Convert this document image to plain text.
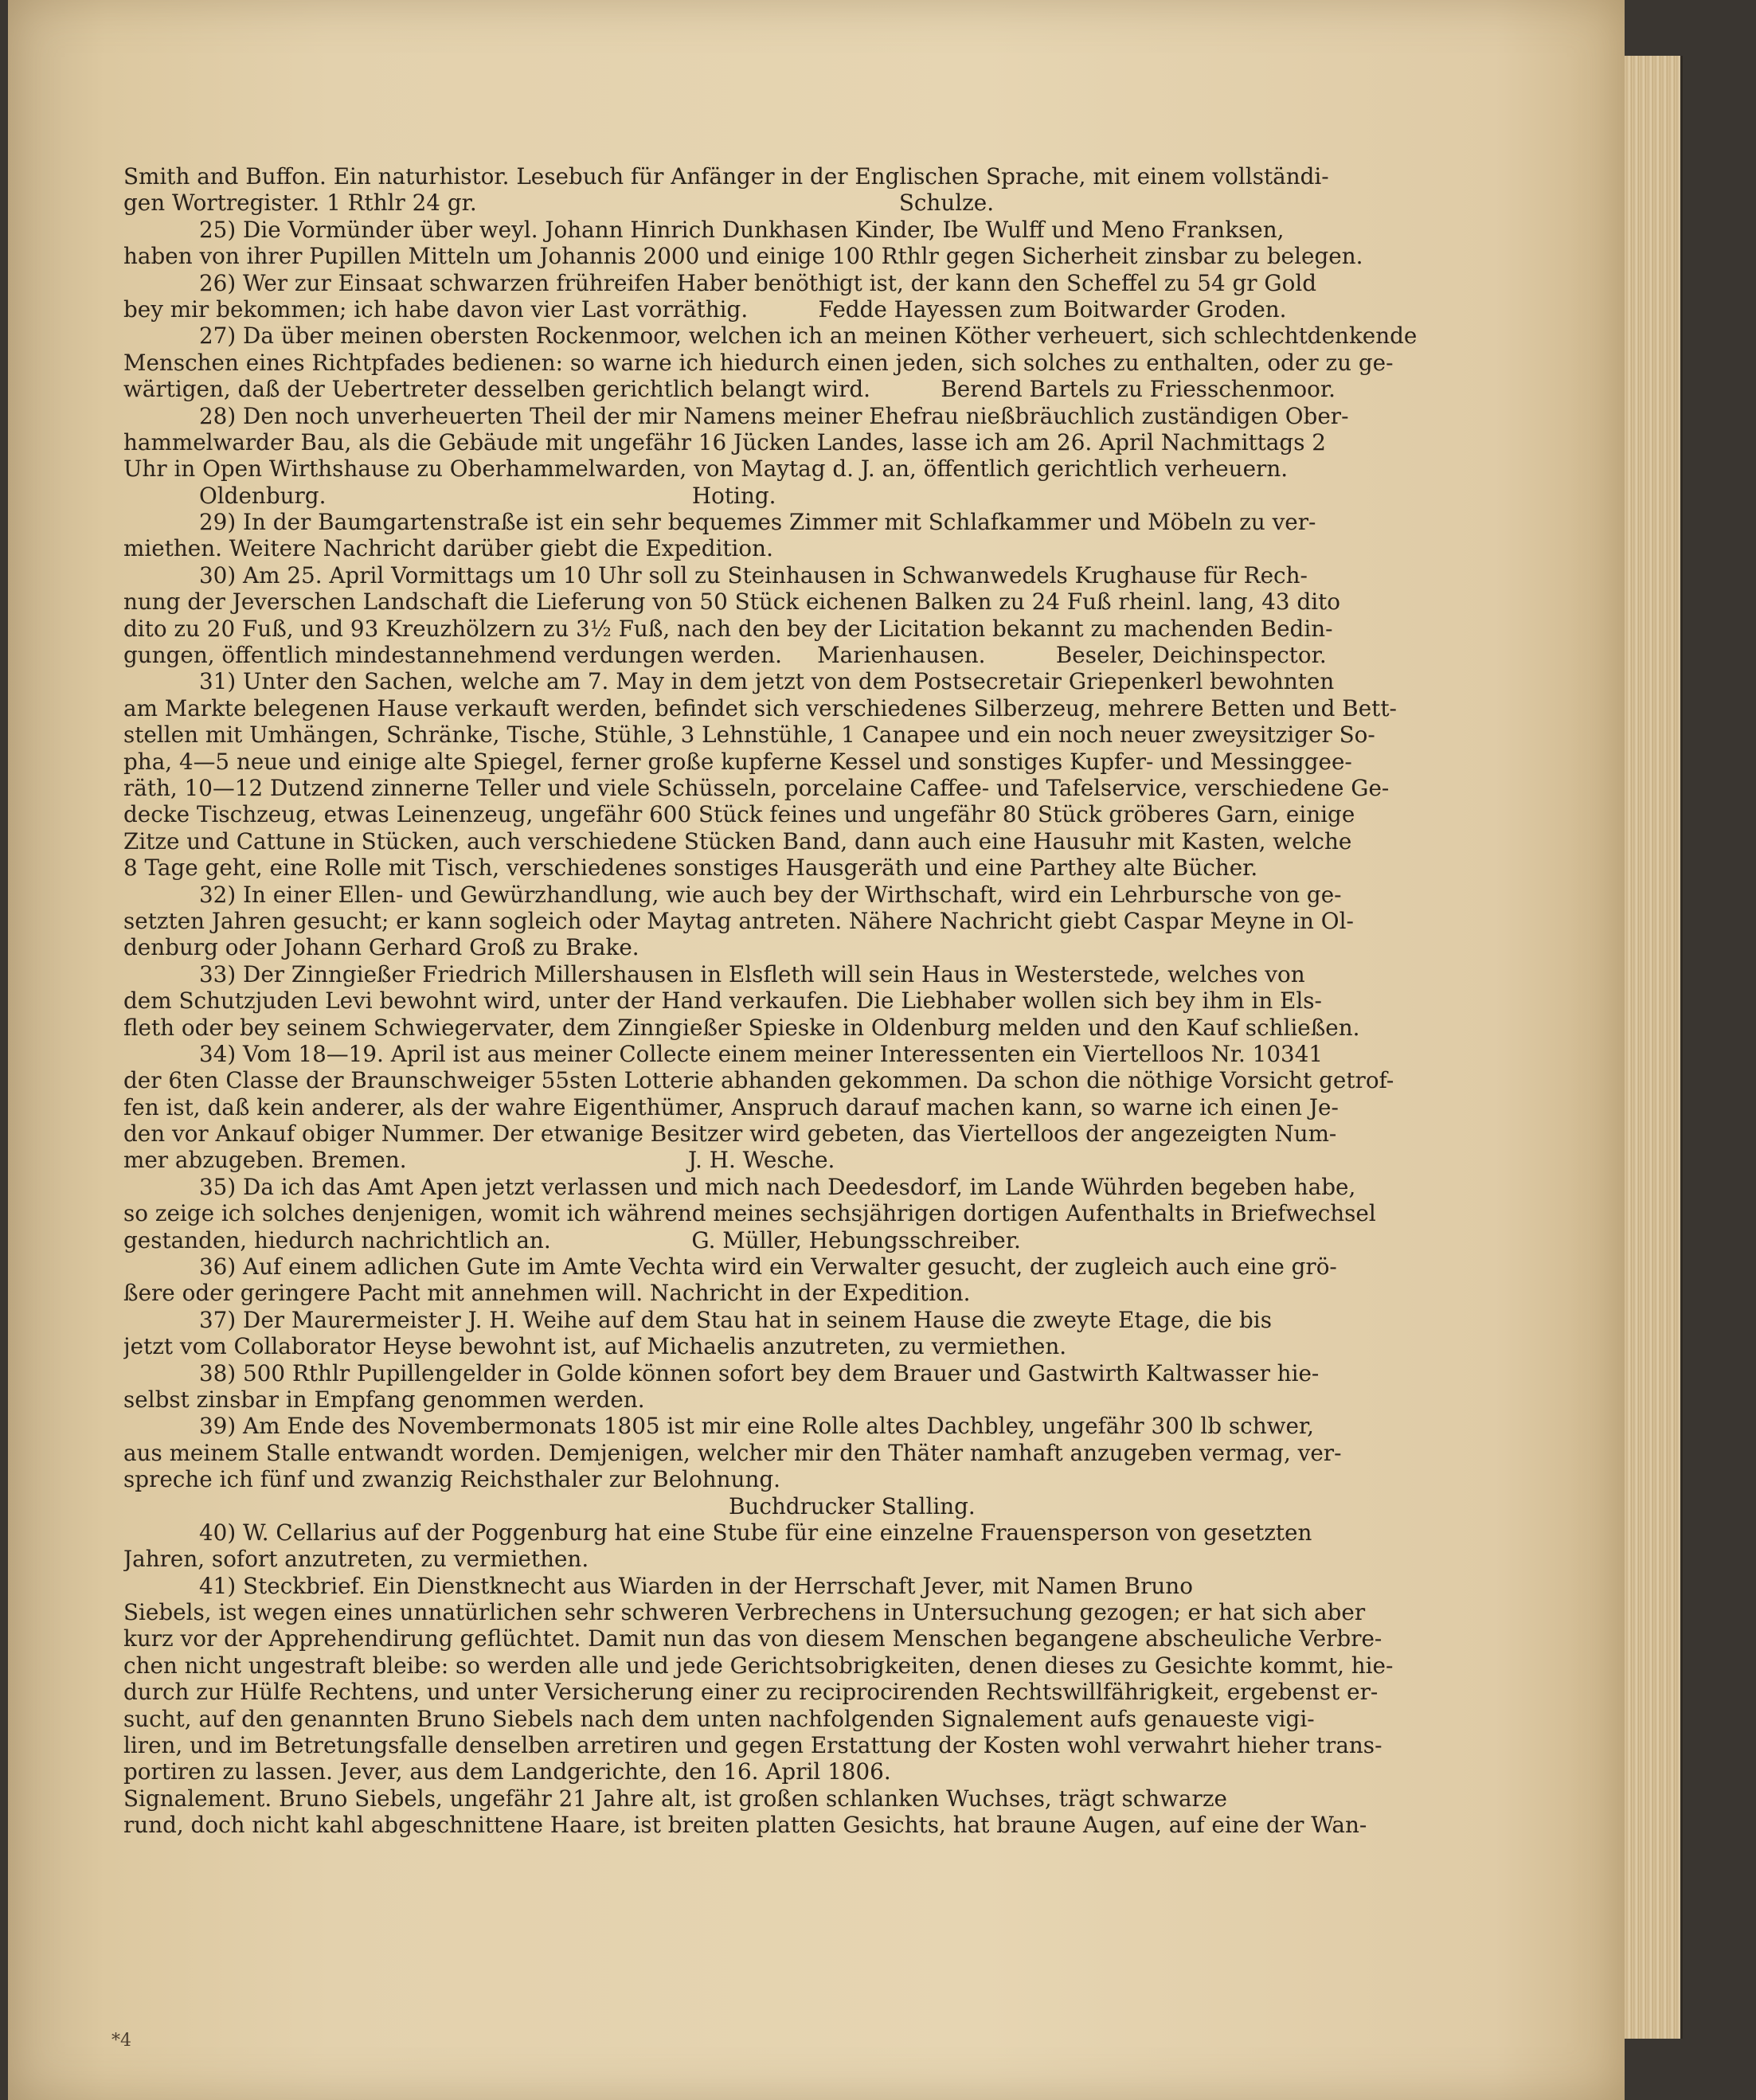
Smith and Buffon. Ein naturhistor. Lesebuch für Anfänger in der Englischen Sprache, mit einem vollständi-
gen Wortregister. 1 Rthlr 24 gr.                                                            Schulze.
25) Die Vormünder über weyl. Johann Hinrich Dunkhasen Kinder, Ibe Wulff und Meno Franksen,
haben von ihrer Pupillen Mitteln um Johannis 2000 und einige 100 Rthlr gegen Sicherheit zinsbar zu belegen.
26) Wer zur Einsaat schwarzen frühreifen Haber benöthigt ist, der kann den Scheffel zu 54 gr Gold
bey mir bekommen; ich habe davon vier Last vorräthig.          Fedde Hayessen zum Boitwarder Groden.
27) Da über meinen obersten Rockenmoor, welchen ich an meinen Köther verheuert, sich schlechtdenkende
Menschen eines Richtpfades bedienen: so warne ich hiedurch einen jeden, sich solches zu enthalten, oder zu ge-
wärtigen, daß der Uebertreter desselben gerichtlich belangt wird.          Berend Bartels zu Friesschenmoor.
28) Den noch unverheuerten Theil der mir Namens meiner Ehefrau nießbräuchlich zuständigen Ober-
hammelwarder Bau, als die Gebäude mit ungefähr 16 Jücken Landes, lasse ich am 26. April Nachmittags 2
Uhr in Open Wirthshause zu Oberhammelwarden, von Maytag d. J. an, öffentlich gerichtlich verheuern.
Oldenburg.                                                    Hoting.
29) In der Baumgartenstraße ist ein sehr bequemes Zimmer mit Schlafkammer und Möbeln zu ver-
miethen. Weitere Nachricht darüber giebt die Expedition.
30) Am 25. April Vormittags um 10 Uhr soll zu Steinhausen in Schwanwedels Krughause für Rech-
nung der Jeverschen Landschaft die Lieferung von 50 Stück eichenen Balken zu 24 Fuß rheinl. lang, 43 dito
dito zu 20 Fuß, und 93 Kreuzhölzern zu 3½ Fuß, nach den bey der Licitation bekannt zu machenden Bedin-
gungen, öffentlich mindestannehmend verdungen werden.     Marienhausen.          Beseler, Deichinspector.
31) Unter den Sachen, welche am 7. May in dem jetzt von dem Postsecretair Griepenkerl bewohnten
am Markte belegenen Hause verkauft werden, befindet sich verschiedenes Silberzeug, mehrere Betten und Bett-
stellen mit Umhängen, Schränke, Tische, Stühle, 3 Lehnstühle, 1 Canapee und ein noch neuer zweysitziger So-
pha, 4—5 neue und einige alte Spiegel, ferner große kupferne Kessel und sonstiges Kupfer- und Messinggee-
räth, 10—12 Dutzend zinnerne Teller und viele Schüsseln, porcelaine Caffee- und Tafelservice, verschiedene Ge-
decke Tischzeug, etwas Leinenzeug, ungefähr 600 Stück feines und ungefähr 80 Stück gröberes Garn, einige
Zitze und Cattune in Stücken, auch verschiedene Stücken Band, dann auch eine Hausuhr mit Kasten, welche
8 Tage geht, eine Rolle mit Tisch, verschiedenes sonstiges Hausgeräth und eine Parthey alte Bücher.
32) In einer Ellen- und Gewürzhandlung, wie auch bey der Wirthschaft, wird ein Lehrbursche von ge-
setzten Jahren gesucht; er kann sogleich oder Maytag antreten. Nähere Nachricht giebt Caspar Meyne in Ol-
denburg oder Johann Gerhard Groß zu Brake.
33) Der Zinngießer Friedrich Millershausen in Elsfleth will sein Haus in Westerstede, welches von
dem Schutzjuden Levi bewohnt wird, unter der Hand verkaufen. Die Liebhaber wollen sich bey ihm in Els-
fleth oder bey seinem Schwiegervater, dem Zinngießer Spieske in Oldenburg melden und den Kauf schließen.
34) Vom 18—19. April ist aus meiner Collecte einem meiner Interessenten ein Viertelloos Nr. 10341
der 6ten Classe der Braunschweiger 55sten Lotterie abhanden gekommen. Da schon die nöthige Vorsicht getrof-
fen ist, daß kein anderer, als der wahre Eigenthümer, Anspruch darauf machen kann, so warne ich einen Je-
den vor Ankauf obiger Nummer. Der etwanige Besitzer wird gebeten, das Viertelloos der angezeigten Num-
mer abzugeben. Bremen.                                        J. H. Wesche.
35) Da ich das Amt Apen jetzt verlassen und mich nach Deedesdorf, im Lande Wührden begeben habe,
so zeige ich solches denjenigen, womit ich während meines sechsjährigen dortigen Aufenthalts in Briefwechsel
gestanden, hiedurch nachrichtlich an.                    G. Müller, Hebungsschreiber.
36) Auf einem adlichen Gute im Amte Vechta wird ein Verwalter gesucht, der zugleich auch eine grö-
ßere oder geringere Pacht mit annehmen will. Nachricht in der Expedition.
37) Der Maurermeister J. H. Weihe auf dem Stau hat in seinem Hause die zweyte Etage, die bis
jetzt vom Collaborator Heyse bewohnt ist, auf Michaelis anzutreten, zu vermiethen.
38) 500 Rthlr Pupillengelder in Golde können sofort bey dem Brauer und Gastwirth Kaltwasser hie-
selbst zinsbar in Empfang genommen werden.
39) Am Ende des Novembermonats 1805 ist mir eine Rolle altes Dachbley, ungefähr 300 lb schwer,
aus meinem Stalle entwandt worden. Demjenigen, welcher mir den Thäter namhaft anzugeben vermag, ver-
spreche ich fünf und zwanzig Reichsthaler zur Belohnung.
Buchdrucker Stalling.
40) W. Cellarius auf der Poggenburg hat eine Stube für eine einzelne Frauensperson von gesetzten
Jahren, sofort anzutreten, zu vermiethen.
41) Steckbrief. Ein Dienstknecht aus Wiarden in der Herrschaft Jever, mit Namen Bruno
Siebels, ist wegen eines unnatürlichen sehr schweren Verbrechens in Untersuchung gezogen; er hat sich aber
kurz vor der Apprehendirung geflüchtet. Damit nun das von diesem Menschen begangene abscheuliche Verbre-
chen nicht ungestraft bleibe: so werden alle und jede Gerichtsobrigkeiten, denen dieses zu Gesichte kommt, hie-
durch zur Hülfe Rechtens, und unter Versicherung einer zu reciprocirenden Rechtswillfährigkeit, ergebenst er-
sucht, auf den genannten Bruno Siebels nach dem unten nachfolgenden Signalement aufs genaueste vigi-
liren, und im Betretungsfalle denselben arretiren und gegen Erstattung der Kosten wohl verwahrt hieher trans-
portiren zu lassen. Jever, aus dem Landgerichte, den 16. April 1806.
Signalement. Bruno Siebels, ungefähr 21 Jahre alt, ist großen schlanken Wuchses, trägt schwarze
rund, doch nicht kahl abgeschnittene Haare, ist breiten platten Gesichts, hat braune Augen, auf eine der Wan-
*4
